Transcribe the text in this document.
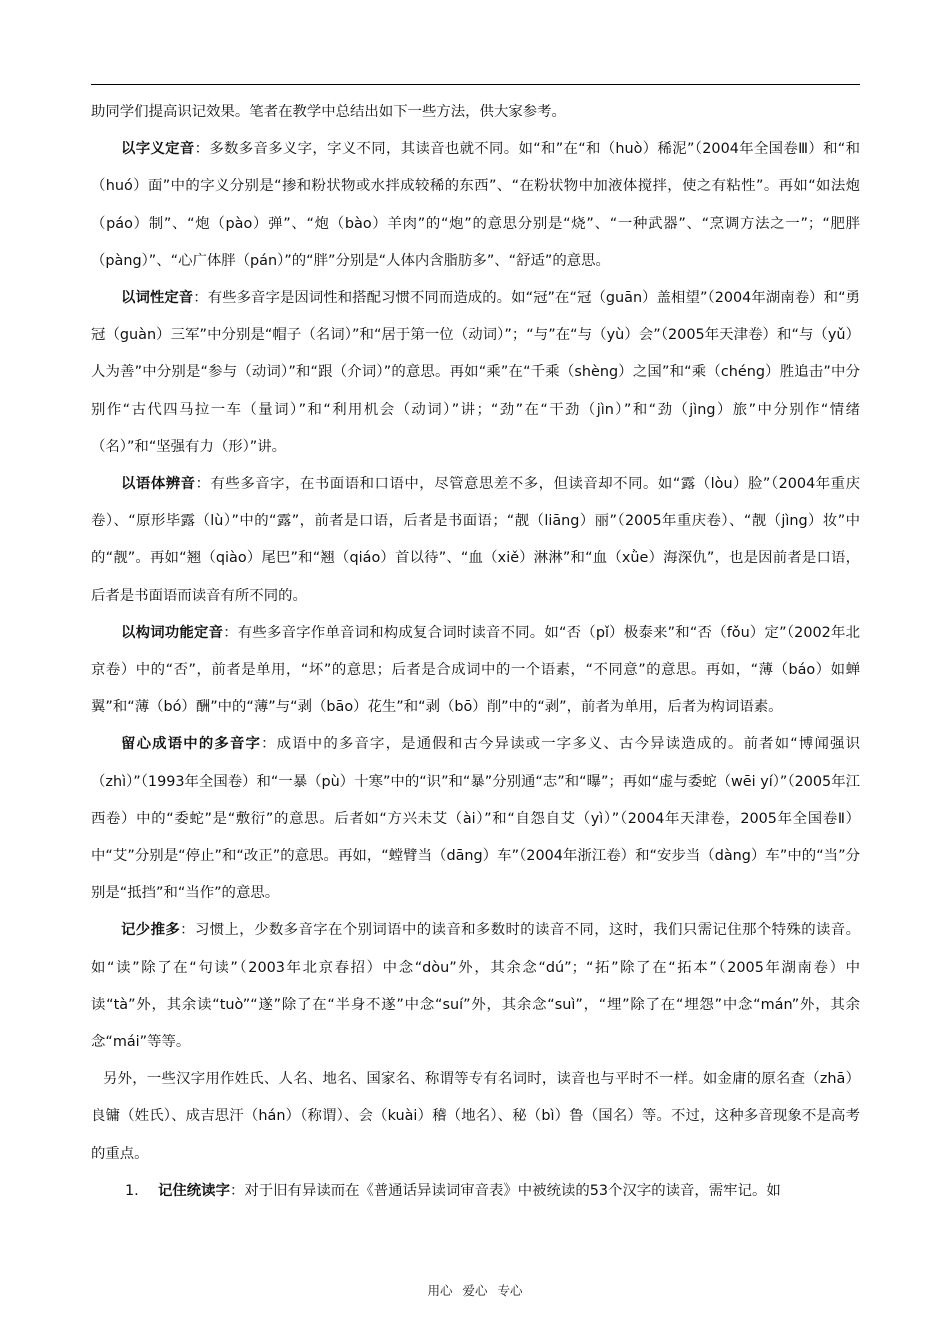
助同学们提高识记效果。笔者在教学中总结出如下一些方法，供大家参考。

以字义定音：多数多音多义字，字义不同，其读音也就不同。如“和”在“和（huò）稀泥”（2004年全国卷Ⅲ）和“和（huó）面”中的字义分别是“掺和粉状物或水拌成较稀的东西”、“在粉状物中加液体搅拌，使之有粘性”。再如“如法炮（páo）制”、“炮（pào）弹”、“炮（bào）羊肉”的“炮”的意思分别是“烧”、“一种武器”、“烹调方法之一”；“肥胖（pàng）”、“心广体胖（pán）”的“胖”分别是“人体内含脂肪多”、“舒适”的意思。

以词性定音：有些多音字是因词性和搭配习惯不同而造成的。如“冠”在“冠（guān）盖相望”（2004年湖南卷）和“勇冠（guàn）三军”中分别是“帽子（名词）”和“居于第一位（动词）”；“与”在“与（yù）会”（2005年天津卷）和“与（yǔ）人为善”中分别是“参与（动词）”和“跟（介词）”的意思。再如“乘”在“千乘（shèng）之国”和“乘（chéng）胜追击”中分别作“古代四马拉一车（量词）”和“利用机会（动词）”讲；“劲”在“干劲（jìn）”和“劲（jìng）旅”中分别作“情绪（名）”和“坚强有力（形）”讲。

以语体辨音：有些多音字，在书面语和口语中，尽管意思差不多，但读音却不同。如“露（lòu）脸”（2004年重庆卷）、“原形毕露（lù）”中的“露”，前者是口语，后者是书面语；“靓（liāng）丽”（2005年重庆卷）、“靓（jìng）妆”中的“靓”。再如“翘（qiào）尾巴”和“翘（qiáo）首以待”、“血（xiě）淋淋”和“血（xǜe）海深仇”，也是因前者是口语，后者是书面语而读音有所不同的。

以构词功能定音：有些多音字作单音词和构成复合词时读音不同。如“否（pǐ）极泰来”和“否（fǒu）定”（2002年北京卷）中的“否”，前者是单用，“坏”的意思；后者是合成词中的一个语素，“不同意”的意思。再如，“薄（báo）如蝉翼”和“薄（bó）酬”中的“薄”与“剥（bāo）花生”和“剥（bō）削”中的“剥”，前者为单用，后者为构词语素。

留心成语中的多音字：成语中的多音字，是通假和古今异读或一字多义、古今异读造成的。前者如“博闻强识（zhì）”（1993年全国卷）和“一暴（pù）十寒”中的“识”和“暴”分别通“志”和“曝”；再如“虚与委蛇（wēi yí）”（2005年江西卷）中的“委蛇”是“敷衍”的意思。后者如“方兴未艾（ài）”和“自怨自艾（yì）”（2004年天津卷，2005年全国卷Ⅱ）中“艾”分别是“停止”和“改正”的意思。再如，“螳臂当（dāng）车”（2004年浙江卷）和“安步当（dàng）车”中的“当”分别是“抵挡”和“当作”的意思。

记少推多：习惯上，少数多音字在个别词语中的读音和多数时的读音不同，这时，我们只需记住那个特殊的读音。如“读”除了在“句读”（2003年北京春招）中念“dòu”外，其余念“dú”；“拓”除了在“拓本”（2005年湖南卷）中读“tà”外，其余读“tuò”“遂”除了在“半身不遂”中念“suí”外，其余念“suì”，“埋”除了在“埋怨”中念“mán”外，其余念“mái”等等。

另外，一些汉字用作姓氏、人名、地名、国家名、称谓等专有名词时，读音也与平时不一样。如金庸的原名查（zhā）良镛（姓氏）、成吉思汗（hán）（称谓）、会（kuài）稽（地名）、秘（bì）鲁（国名）等。不过，这种多音现象不是高考的重点。

1. 记住统读字：对于旧有异读而在《普通话异读词审音表》中被统读的53个汉字的读音，需牢记。如

用心 爱心 专心
